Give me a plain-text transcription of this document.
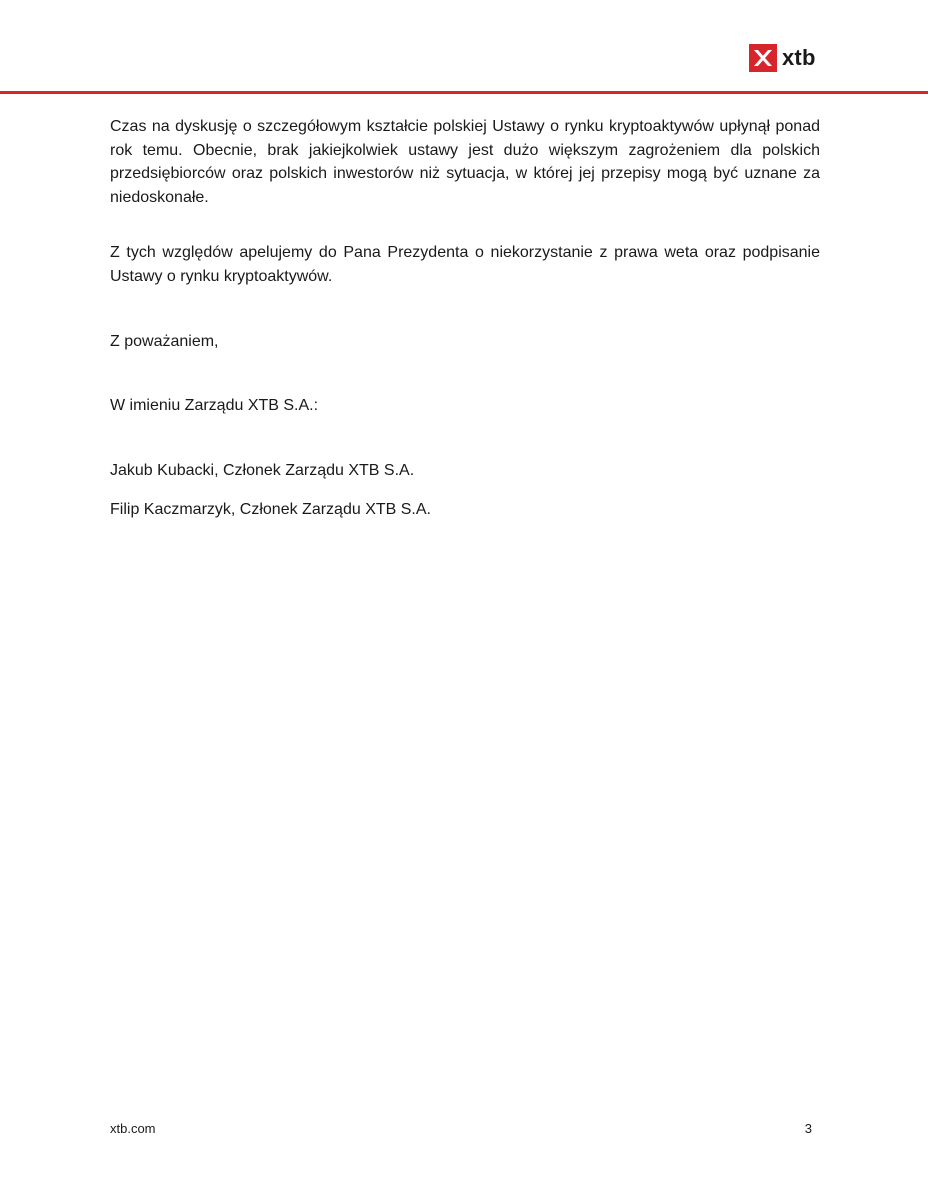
xtb

Czas na dyskusję o szczegółowym kształcie polskiej Ustawy o rynku kryptoaktywów upłynął ponad rok temu. Obecnie, brak jakiejkolwiek ustawy jest dużo większym zagrożeniem dla polskich przedsiębiorców oraz polskich inwestorów niż sytuacja, w której jej przepisy mogą być uznane za niedoskonałe.

Z tych względów apelujemy do Pana Prezydenta o niekorzystanie z prawa weta oraz podpisanie Ustawy o rynku kryptoaktywów.

Z poważaniem,

W imieniu Zarządu XTB S.A.:

Jakub Kubacki, Członek Zarządu XTB S.A.

Filip Kaczmarzyk, Członek Zarządu XTB S.A.

xtb.com	3
